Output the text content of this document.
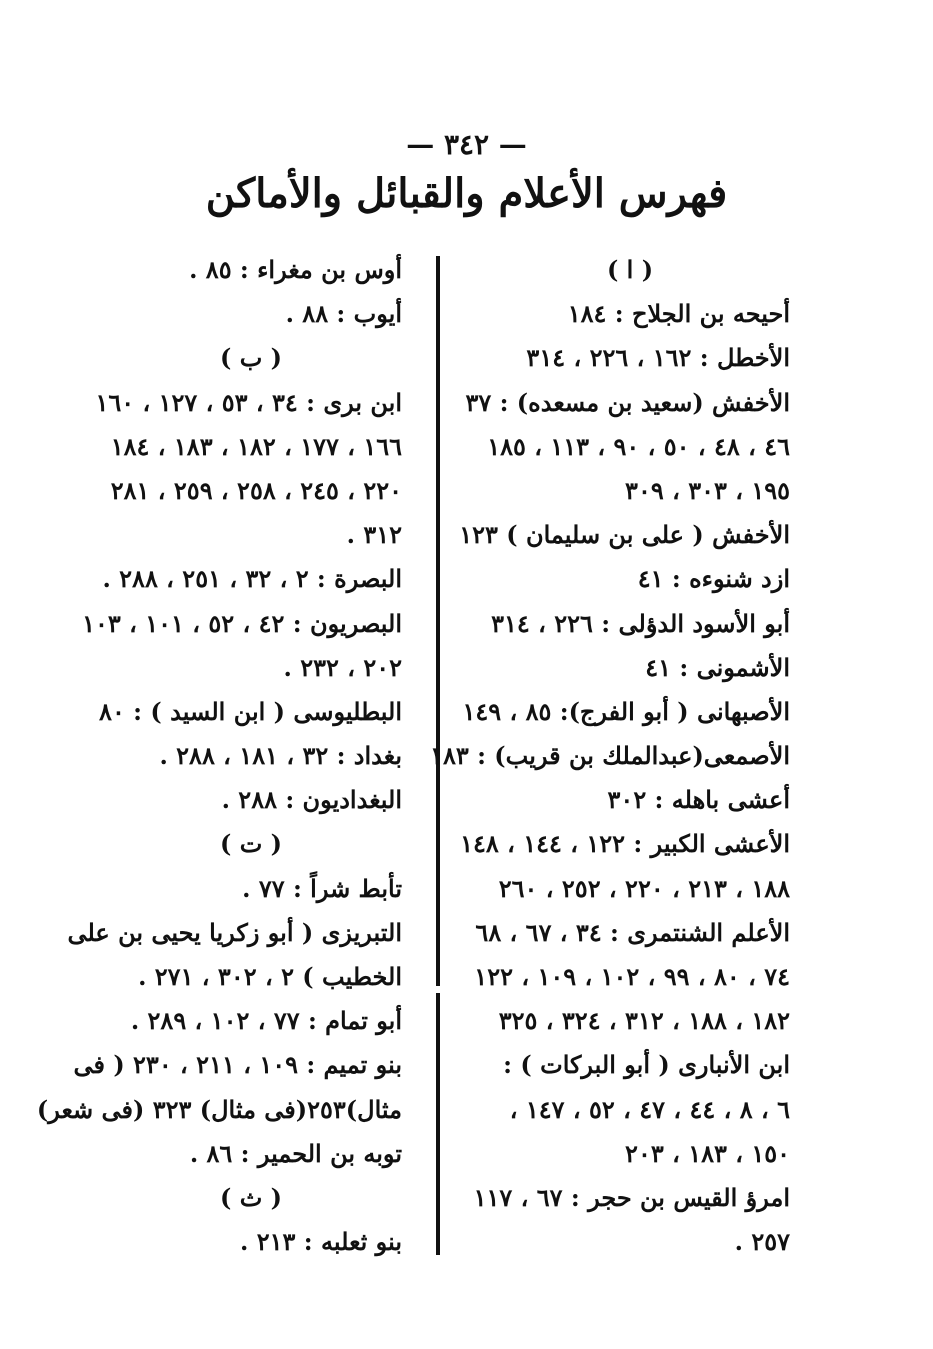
— ٣٤٢ —
فهرس الأعلام والقبائل والأماكن
( ا )
أحيحه بن الجلاح : ١٨٤
الأخطل : ١٦٢ ، ٢٢٦ ، ٣١٤
الأخفش (سعيد بن مسعده) : ٣٧
٤٦ ، ٤٨ ، ٥٠ ، ٩٠ ، ١١٣ ، ١٨٥
١٩٥ ، ٣٠٣ ، ٣٠٩
الأخفش ( على بن سليمان ) ١٢٣
ازد شنوءه : ٤١
أبو الأسود الدؤلى : ٢٢٦ ، ٣١٤
الأشمونى : ٤١
الأصبهانى ( أبو الفرج): ٨٥ ، ١٤٩
الأصمعى(عبدالملك بن قريب) : ١٨٣
أعشى باهله : ٣٠٢
الأعشى الكبير : ١٢٢ ، ١٤٤ ، ١٤٨
١٨٨ ، ٢١٣ ، ٢٢٠ ، ٢٥٢ ، ٢٦٠
الأعلم الشنتمرى : ٣٤ ، ٦٧ ، ٦٨
٧٤ ، ٨٠ ، ٩٩ ، ١٠٢ ، ١٠٩ ، ١٢٢
١٨٢ ، ١٨٨ ، ٣١٢ ، ٣٢٤ ، ٣٢٥
ابن الأنبارى ( أبو البركات ) :
٦ ، ٨ ، ٤٤ ، ٤٧ ، ٥٢ ، ١٤٧ ،
١٥٠ ، ١٨٣ ، ٢٠٣
امرؤ القيس بن حجر : ٦٧ ، ١١٧
٢٥٧ .
أوس بن مغراء : ٨٥ .
أيوب : ٨٨ .
( ب )
ابن برى : ٣٤ ، ٥٣ ، ١٢٧ ، ١٦٠
١٦٦ ، ١٧٧ ، ١٨٢ ، ١٨٣ ، ١٨٤
٢٢٠ ، ٢٤٥ ، ٢٥٨ ، ٢٥٩ ، ٢٨١
٣١٢ .
البصرة : ٢ ، ٣٢ ، ٢٥١ ، ٢٨٨ .
البصريون : ٤٢ ، ٥٢ ، ١٠١ ، ١٠٣
٢٠٢ ، ٢٣٢ .
البطليوسى ( ابن السيد ) : ٨٠
بغداد : ٣٢ ، ١٨١ ، ٢٨٨ .
البغداديون : ٢٨٨ .
( ت )
تأبط شراً : ٧٧ .
التبريزى ( أبو زكريا يحيى بن على
الخطيب ) ٢ ، ٣٠٢ ، ٢٧١ .
أبو تمام : ٧٧ ، ١٠٢ ، ٢٨٩ .
بنو تميم : ١٠٩ ، ٢١١ ، ٢٣٠ ( فى
مثال)٢٥٣(فى مثال) ٣٢٣ (فى شعر)
توبه بن الحمير : ٨٦ .
( ث )
بنو ثعلبه : ٢١٣ .
